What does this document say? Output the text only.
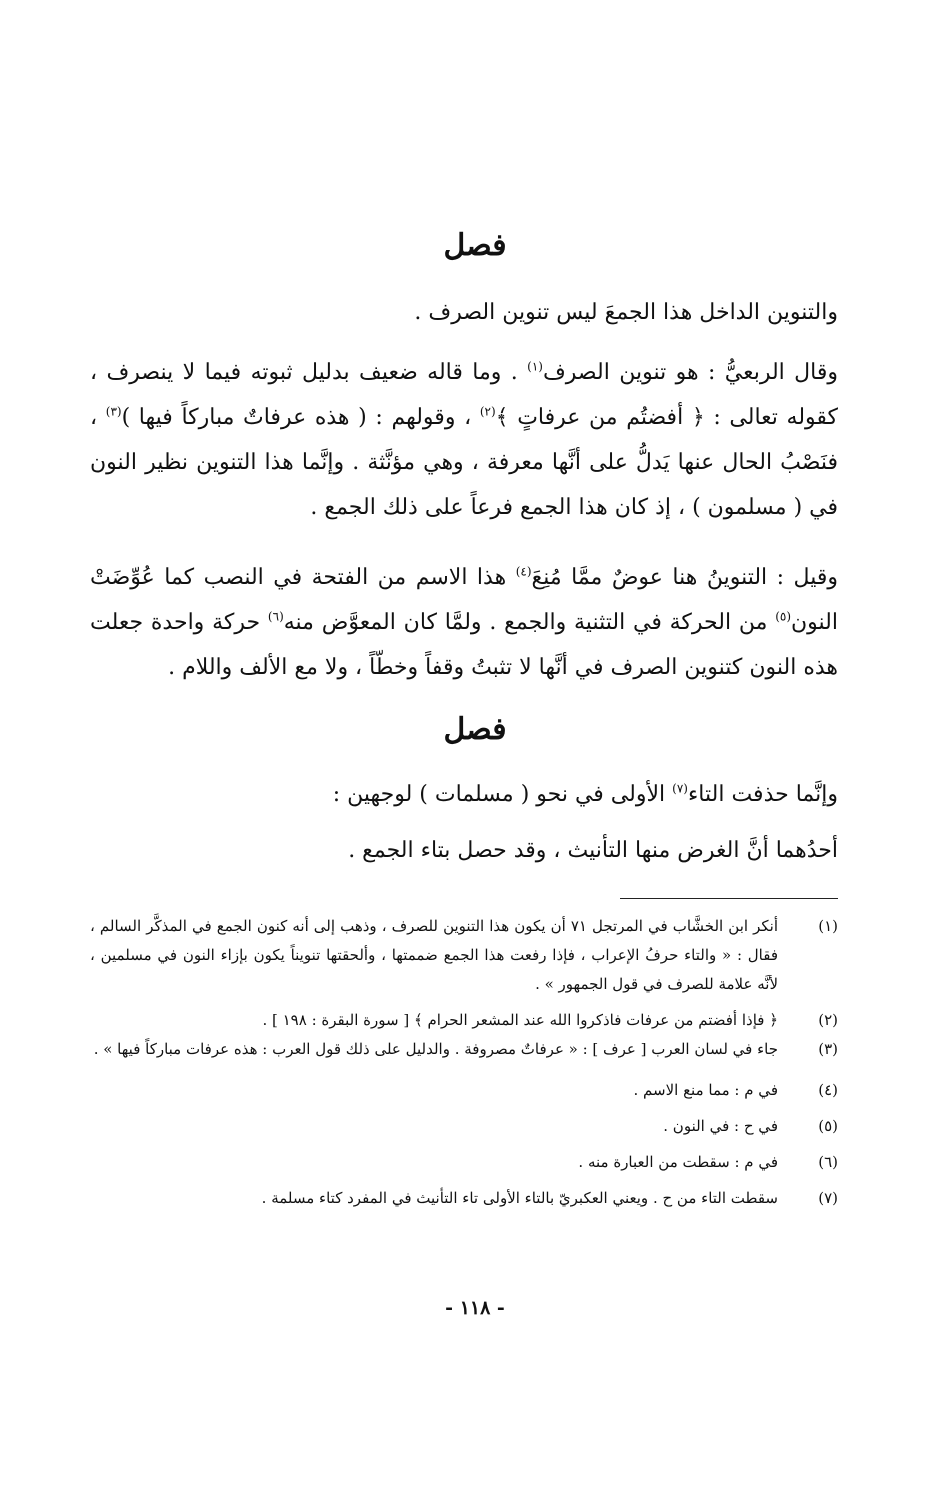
فصل

والتنوين الداخل هذا الجمعَ ليس تنوين الصرف .

وقال الربعيُّ : هو تنوين الصرف$^{(١)}$ . وما قاله ضعيف بدليل ثبوته فيما لا ينصرف ، كقوله تعالى : ﴿ أفضتُم من عرفاتٍ ﴾$^{(٢)}$ ، وقولهم : ( هذه عرفاتٌ مباركاً فيها )$^{(٣)}$ ، فنَصْبُ الحال عنها يَدلُّ على أنَّها معرفة ، وهي مؤنَّثة . وإنَّما هذا التنوين نظير النون في ( مسلمون ) ، إذ كان هذا الجمع فرعاً على ذلك الجمع .

وقيل : التنوينُ هنا عوضٌ ممَّا مُنِعَ$^{(٤)}$ هذا الاسم من الفتحة في النصب كما عُوِّضَتْ النون$^{(٥)}$ من الحركة في التثنية والجمع . ولمَّا كان المعوَّض منه$^{(٦)}$ حركة واحدة جعلت هذه النون كتنوين الصرف في أنَّها لا تثبتُ وقفاً وخطّاً ، ولا مع الألف واللام .

فصل

وإنَّما حذفت التاء$^{(٧)}$ الأولى في نحو ( مسلمات ) لوجهين :

أحدُهما أنَّ الغرض منها التأنيث ، وقد حصل بتاء الجمع .

(١)
أنكر ابن الخشَّاب في المرتجل ٧١ أن يكون هذا التنوين للصرف ، وذهب إلى أنه كنون الجمع في المذكَّر السالم ، فقال : « والتاء حرفُ الإعراب ، فإذا رفعت هذا الجمع ضممتها ، وألحقتها تنويناً يكون بإزاء النون في مسلمين ، لأنَّه علامة للصرف في قول الجمهور » .
(٢)
﴿ فإذا أفضتم من عرفات فاذكروا الله عند المشعر الحرام ﴾ [ سورة البقرة : ١٩٨ ] .
(٣)
جاء في لسان العرب [ عرف ] : « عرفاتٌ مصروفة . والدليل على ذلك قول العرب : هذه عرفات مباركاً فيها » .
(٤)
في م : مما منع الاسم .
(٥)
في ح : في النون .
(٦)
في م : سقطت من العبارة منه .
(٧)
سقطت التاء من ح . ويعني العكبريّ بالتاء الأولى تاء التأنيث في المفرد كتاء مسلمة .
- ١١٨ -
